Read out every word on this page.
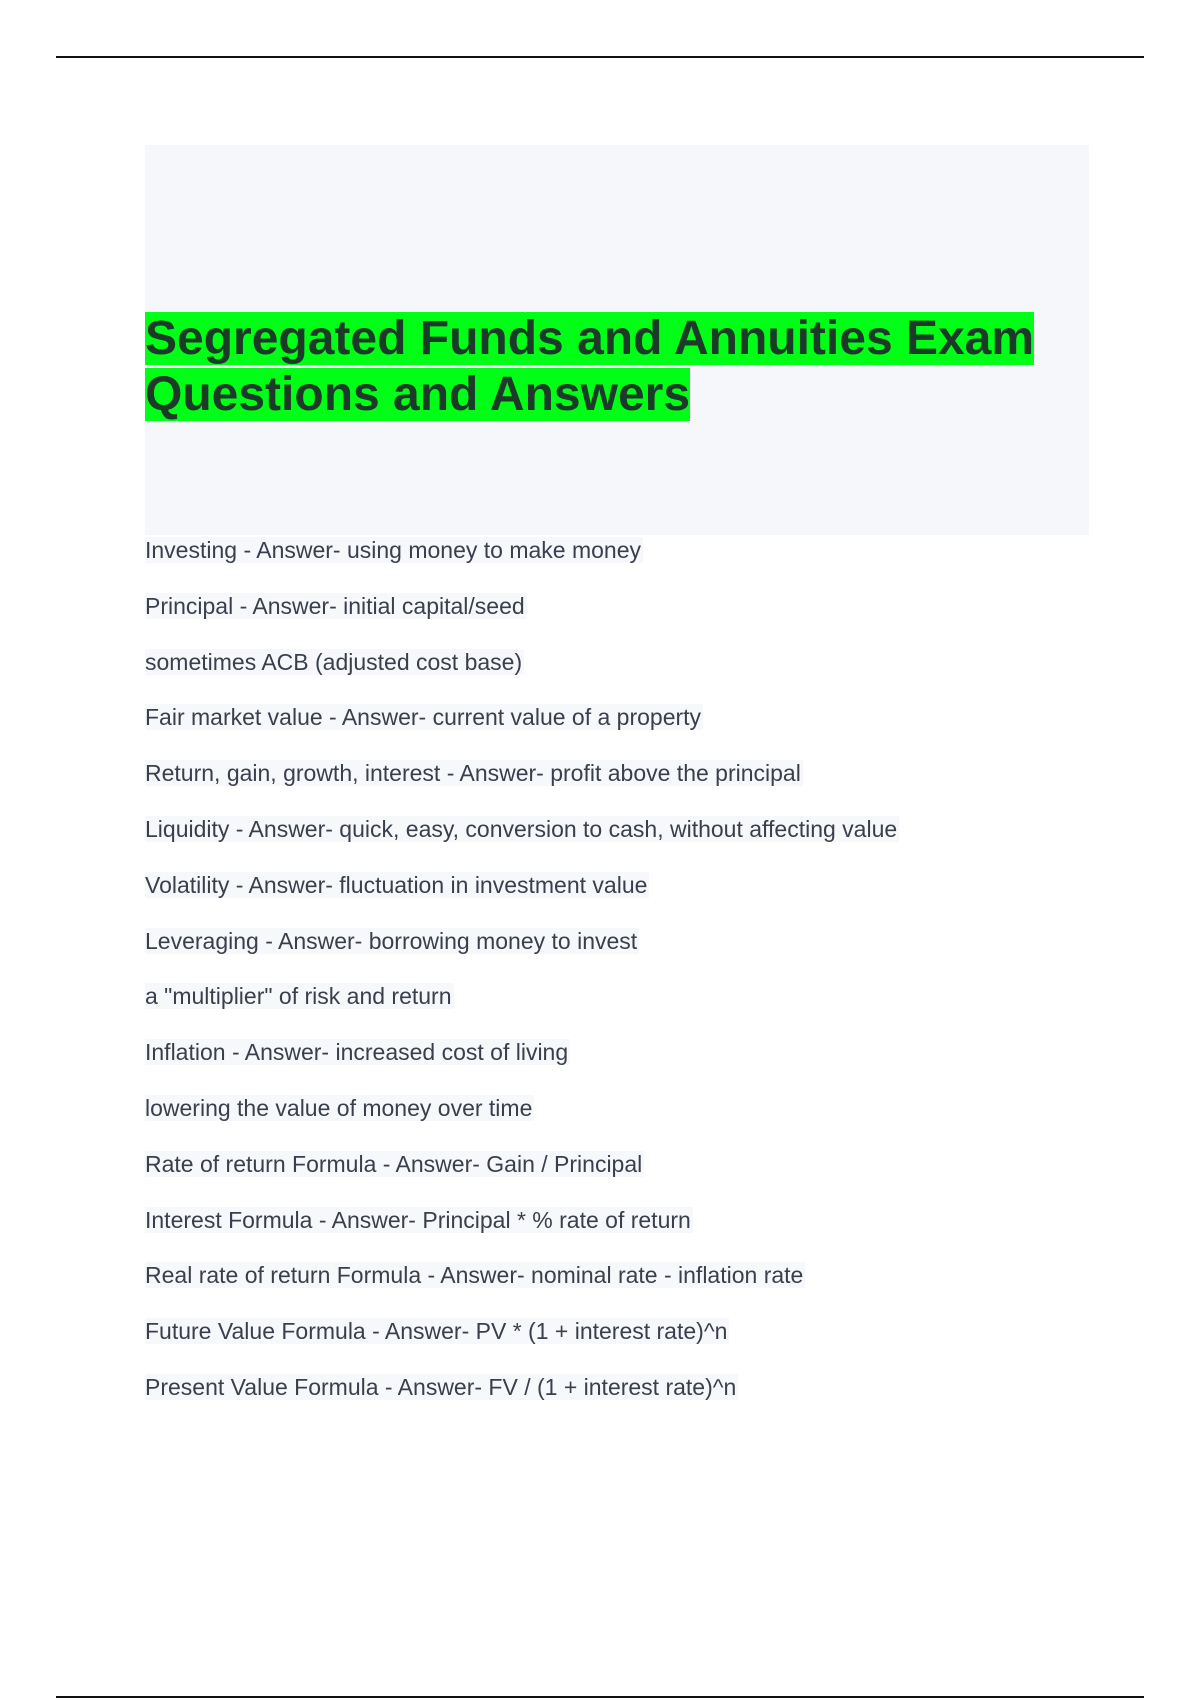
Segregated Funds and Annuities Exam Questions and Answers
Investing - Answer- using money to make money
Principal - Answer- initial capital/seed
sometimes ACB (adjusted cost base)
Fair market value - Answer- current value of a property
Return, gain, growth, interest - Answer- profit above the principal
Liquidity - Answer- quick, easy, conversion to cash, without affecting value
Volatility - Answer- fluctuation in investment value
Leveraging - Answer- borrowing money to invest
a "multiplier" of risk and return
Inflation - Answer- increased cost of living
lowering the value of money over time
Rate of return Formula - Answer- Gain / Principal
Interest Formula - Answer- Principal * % rate of return
Real rate of return Formula - Answer- nominal rate - inflation rate
Future Value Formula - Answer- PV * (1 + interest rate)^n
Present Value Formula - Answer- FV / (1 + interest rate)^n
